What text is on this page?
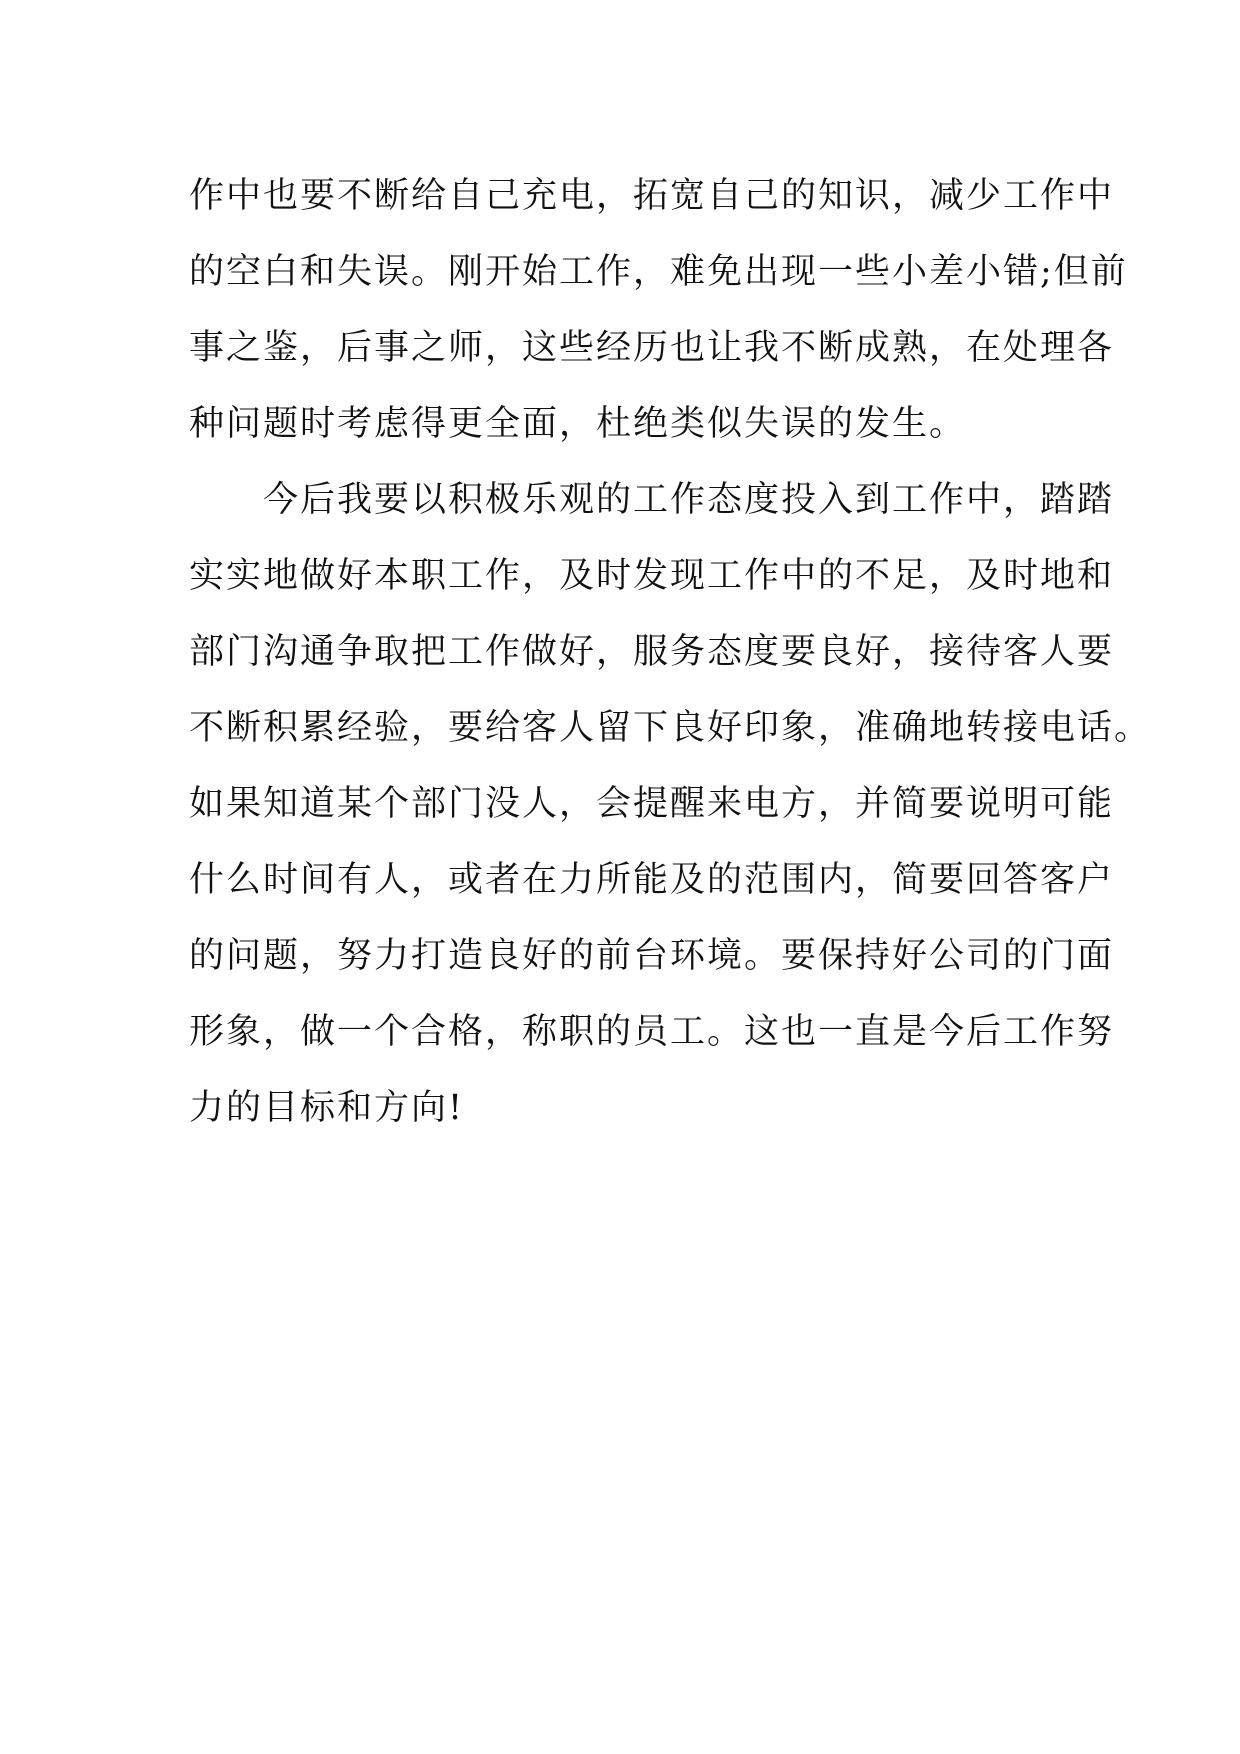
作中也要不断给自己充电，拓宽自己的知识，减少工作中
的空白和失误。刚开始工作，难免出现一些小差小错;但前
事之鉴，后事之师，这些经历也让我不断成熟，在处理各
种问题时考虑得更全面，杜绝类似失误的发生。
　　今后我要以积极乐观的工作态度投入到工作中，踏踏
实实地做好本职工作，及时发现工作中的不足，及时地和
部门沟通争取把工作做好，服务态度要良好，接待客人要
不断积累经验，要给客人留下良好印象，准确地转接电话。
如果知道某个部门没人，会提醒来电方，并简要说明可能
什么时间有人，或者在力所能及的范围内，简要回答客户
的问题，努力打造良好的前台环境。要保持好公司的门面
形象，做一个合格，称职的员工。这也一直是今后工作努
力的目标和方向!
